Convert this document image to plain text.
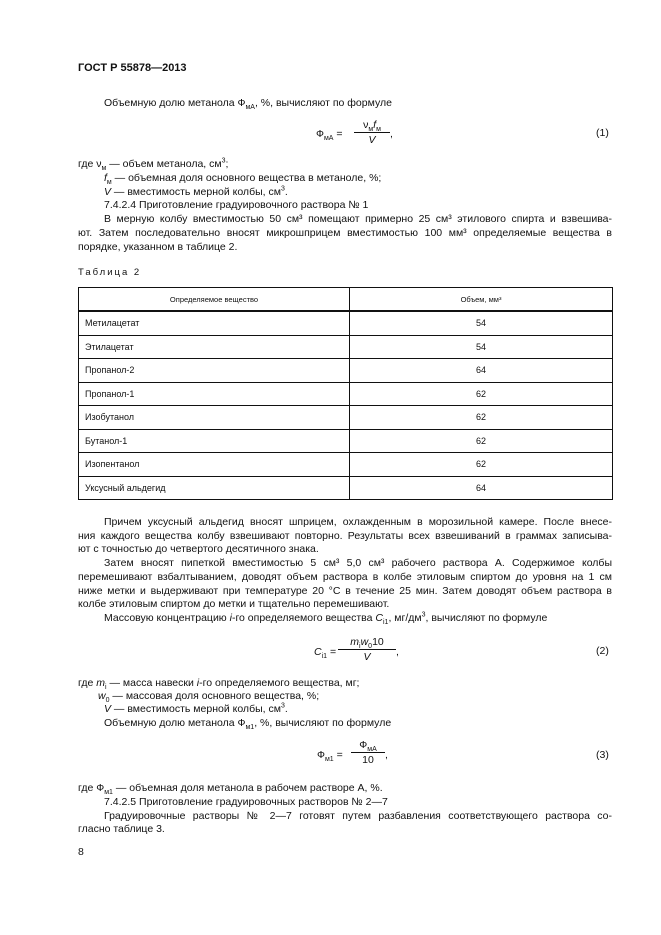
ГОСТ Р 55878—2013
Объемную долю метанола $Ф_{мА}$, %, вычисляют по формуле
$Ф_{мА}$ =
$\nu_мf_м$
V	,	(1)
где $\nu_м$ — объем метанола, $см^3$;
$f_м$ — объемная доля основного вещества в метаноле, %;
V — вместимость мерной колбы, $см^3$.
7.4.2.4 Приготовление градуировочного раствора № 1
В мерную колбу вместимостью 50 см³ помещают примерно 25 см³ этилового спирта и взвешива-
ют. Затем последовательно вносят микрошприцем вместимостью 100 мм³ определяемые вещества в
порядке, указанном в таблице 2.
Таблица 2
Определяемое вещество	Объем, мм³
Метилацетат	54
Этилацетат	54
Пропанол-2	64
Пропанол-1	62
Изобутанол	62
Бутанол-1	62
Изопентанол	62
Уксусный альдегид	64
Причем уксусный альдегид вносят шприцем, охлажденным в морозильной камере. После внесе-
ния каждого вещества колбу взвешивают повторно. Результаты всех взвешиваний в граммах записыва-
ют с точностью до четвертого десятичного знака.
Затем вносят пипеткой вместимостью 5 см³ 5,0 см³ рабочего раствора А. Содержимое колбы
перемешивают взбалтыванием, доводят объем раствора в колбе этиловым спиртом до уровня на 1 см
ниже метки и выдерживают при температуре 20 °С в течение 25 мин. Затем доводят объем раствора в
колбе этиловым спиртом до метки и тщательно перемешивают.
Массовую концентрацию i-го определяемого вещества $C_{i1}$, $мг/дм^3$, вычисляют по формуле
$C_{i1}$ =
$m_iw_010$
V	,	(2)
где $m_i$ — масса навески i-го определяемого вещества, мг;
$w_0$ — массовая доля основного вещества, %;
V — вместимость мерной колбы, $см^3$.
Объемную долю метанола $Ф_{м1}$, %, вычисляют по формуле
$Ф_{м1}$ =
$Ф_{мА}$
10	,	(3)
где $Ф_{м1}$ — объемная доля метанола в рабочем растворе А, %.
7.4.2.5 Приготовление градуировочных растворов № 2—7
Градуировочные растворы № 2—7 готовят путем разбавления соответствующего раствора со-
гласно таблице 3.
8
